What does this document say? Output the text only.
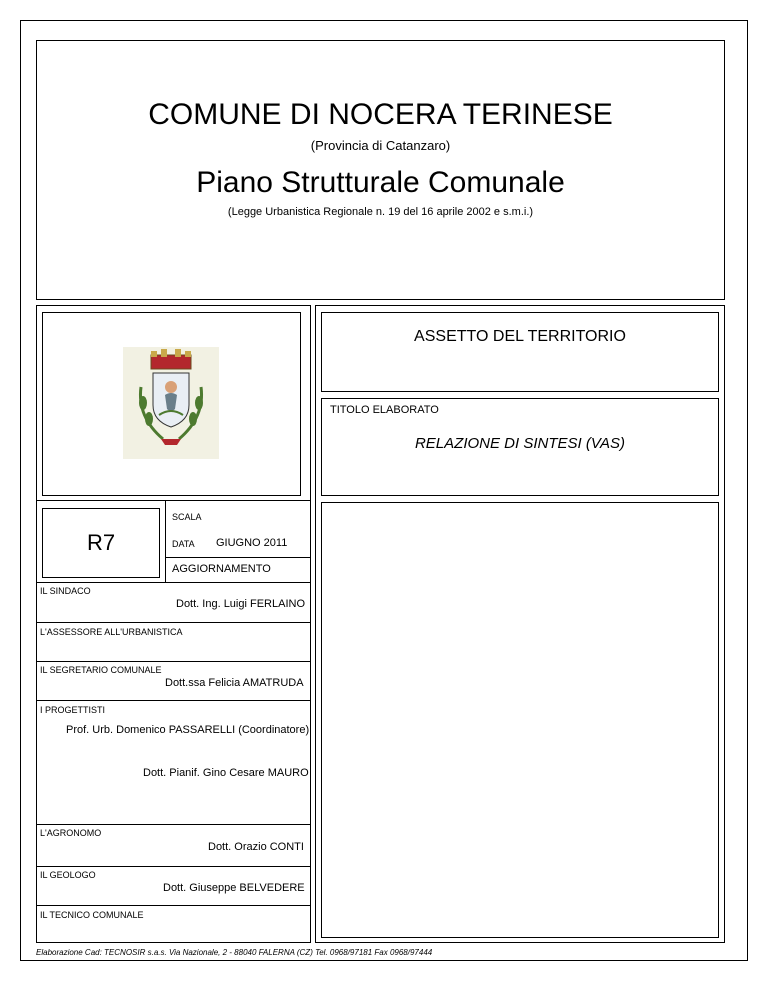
COMUNE DI NOCERA TERINESE
(Provincia di Catanzaro)
Piano Strutturale Comunale
(Legge Urbanistica Regionale n. 19 del 16 aprile 2002 e s.m.i.)
R7
SCALA
DATA GIUGNO 2011
AGGIORNAMENTO
IL SINDACO
Dott. Ing. Luigi FERLAINO
L'ASSESSORE ALL'URBANISTICA
IL SEGRETARIO COMUNALE
Dott.ssa Felicia AMATRUDA
I PROGETTISTI
Prof. Urb. Domenico PASSARELLI (Coordinatore)
Dott. Pianif. Gino Cesare MAURO
L'AGRONOMO
Dott. Orazio CONTI
IL GEOLOGO
Dott. Giuseppe BELVEDERE
IL TECNICO COMUNALE
ASSETTO DEL TERRITORIO
TITOLO ELABORATO
RELAZIONE DI SINTESI (VAS)
Elaborazione Cad: TECNOSIR s.a.s. Via Nazionale, 2 - 88040 FALERNA (CZ) Tel. 0968/97181 Fax 0968/97444
